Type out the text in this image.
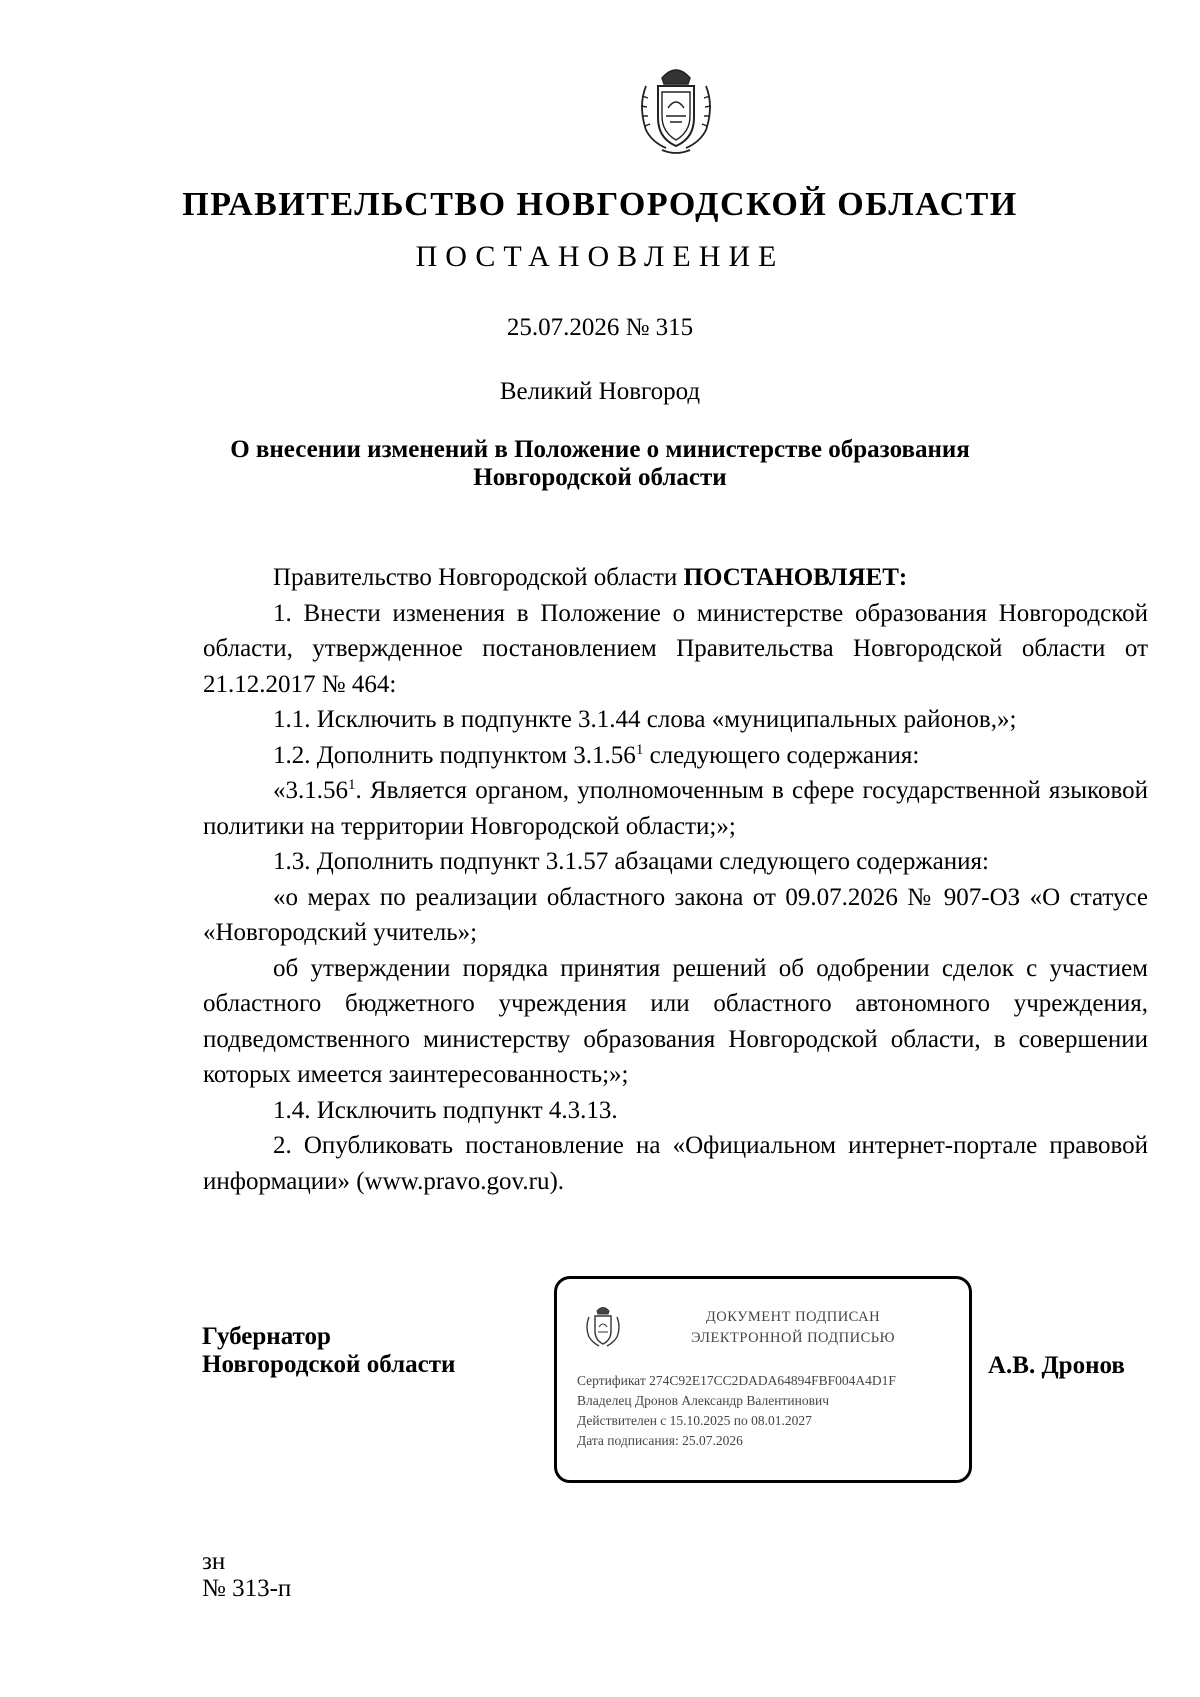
ПРАВИТЕЛЬСТВО НОВГОРОДСКОЙ ОБЛАСТИ
ПОСТАНОВЛЕНИЕ
25.07.2026 № 315
Великий Новгород
О внесении изменений в Положение о министерстве образования
Новгородской области

Правительство Новгородской области ПОСТАНОВЛЯЕТ:

1. Внести изменения в Положение о министерстве образования Новгородской области, утвержденное постановлением Правительства Новгородской области от 21.12.2017 № 464:

1.1. Исключить в подпункте 3.1.44 слова «муниципальных районов,»;

1.2. Дополнить подпунктом 3.1.56$^1$ следующего содержания:

«3.1.56$^1$. Является органом, уполномоченным в сфере государственной языковой политики на территории Новгородской области;»;

1.3. Дополнить подпункт 3.1.57 абзацами следующего содержания:

«о мерах по реализации областного закона от 09.07.2026 № 907-ОЗ «О статусе «Новгородский учитель»;

об утверждении порядка принятия решений об одобрении сделок с участием областного бюджетного учреждения или областного автономного учреждения, подведомственного министерству образования Новгородской области, в совершении которых имеется заинтересованность;»;

1.4. Исключить подпункт 4.3.13.

2. Опубликовать постановление на «Официальном интернет-портале правовой информации» (www.pravo.gov.ru).

Губернатор
Новгородской области
ДОКУМЕНТ ПОДПИСАН
ЭЛЕКТРОННОЙ ПОДПИСЬЮ
Сертификат 274C92E17CC2DADA64894FBF004A4D1F
Владелец Дронов Александр Валентинович
Действителен с 15.10.2025 по 08.01.2027
Дата подписания: 25.07.2026
А.В. Дронов
зн
№ 313-п
